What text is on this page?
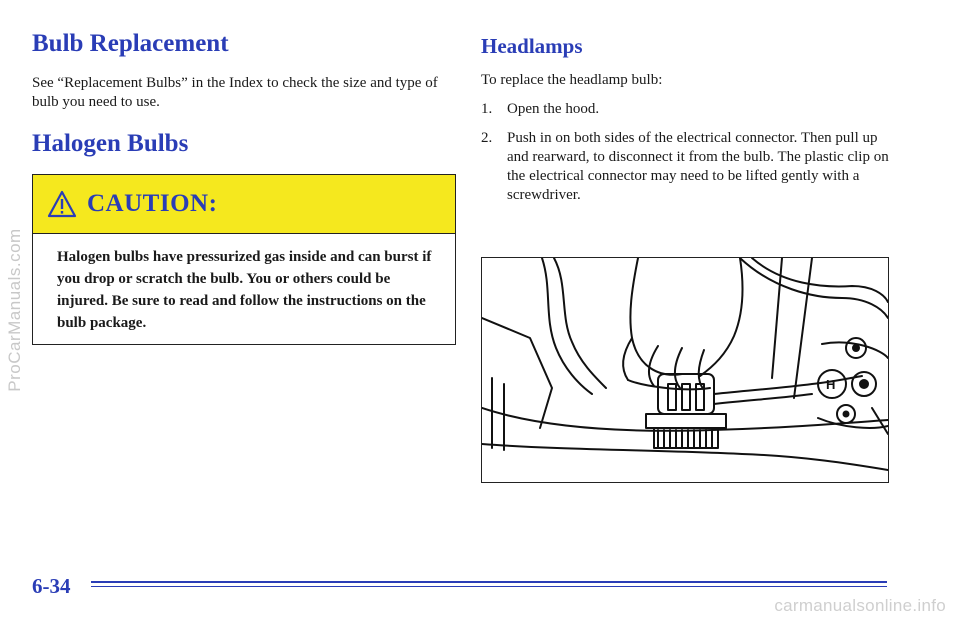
ProCarManuals.com
Bulb Replacement

See “Replacement Bulbs” in the Index to check the size and type of bulb you need to use.

Halogen Bulbs
CAUTION:
Halogen bulbs have pressurized gas inside and can burst if you drop or scratch the bulb. You or others could be injured. Be sure to read and follow the instructions on the bulb package.
Headlamps

To replace the headlamp bulb:

1. Open the hood.
2. Push in on both sides of the electrical connector. Then pull up and rearward, to disconnect it from the bulb. The plastic clip on the electrical connector may need to be lifted gently with a screwdriver.
H
6-34
carmanualsonline.info
